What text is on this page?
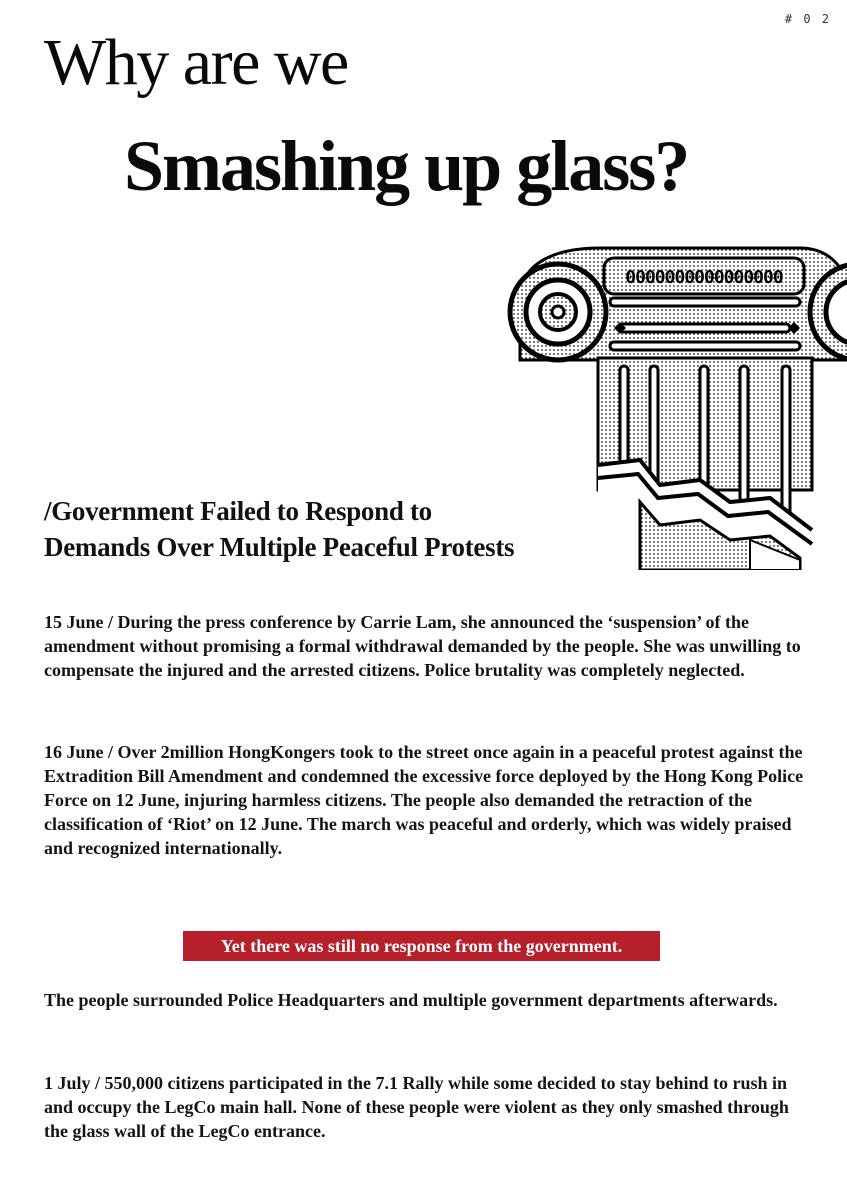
# 0 2
Why are we
Smashing up glass?
0000000000000000
/Government Failed to Respond to
Demands Over Multiple Peaceful Protests

15 June / During the press conference by Carrie Lam, she announced the ‘suspension’ of the amendment without promising a formal withdrawal demanded by the people. She was unwilling to compensate the injured and the arrested citizens. Police brutality was completely neglected.

16 June / Over 2million HongKongers took to the street once again in a peaceful protest against the Extradition Bill Amendment and condemned the excessive force deployed by the Hong Kong Police Force on 12 June, injuring harmless citizens. The people also demanded the retraction of the classification of ‘Riot’ on 12 June. The march was peaceful and orderly, which was widely praised and recognized internationally.

Yet there was still no response from the government.

The people surrounded Police Headquarters and multiple government departments afterwards.

1 July / 550,000 citizens participated in the 7.1 Rally while some decided to stay behind to rush in and occupy the LegCo main hall. None of these people were violent as they only smashed through the glass wall of the LegCo entrance.
